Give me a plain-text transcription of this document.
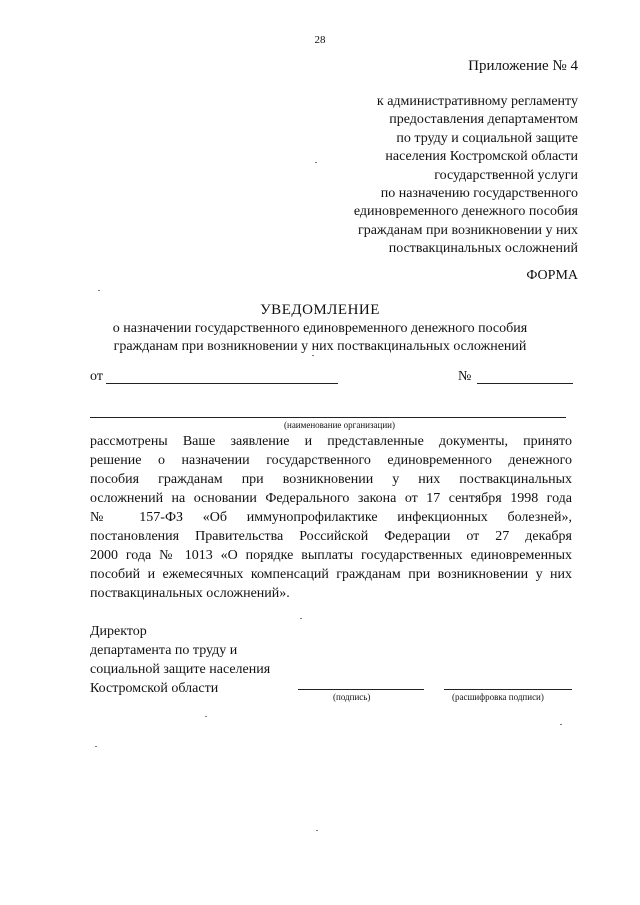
28
Приложение № 4
к административному регламенту
предоставления департаментом
по труду и социальной защите
населения Костромской области
государственной услуги
по назначению государственного
единовременного денежного пособия
гражданам при возникновении у них
поствакцинальных осложнений
ФОРМА
УВЕДОМЛЕНИЕ
о назначении государственного единовременного денежного пособия
гражданам при возникновении у них поствакцинальных осложнений
от	№
(наименование организации)
рассмотрены Ваше заявление и представленные документы, принято
решение о назначении государственного единовременного денежного
пособия гражданам при возникновении у них поствакцинальных
осложнений на основании Федерального закона от 17 сентября 1998 года
№ 157-ФЗ «Об иммунопрофилактике инфекционных болезней»,
постановления Правительства Российской Федерации от 27 декабря
2000 года № 1013 «О порядке выплаты государственных единовременных
пособий и ежемесячных компенсаций гражданам при возникновении у них
поствакцинальных осложнений».
Директор
департамента по труду и
социальной защите населения
Костромской области
(подпись)	(расшифровка подписи)
